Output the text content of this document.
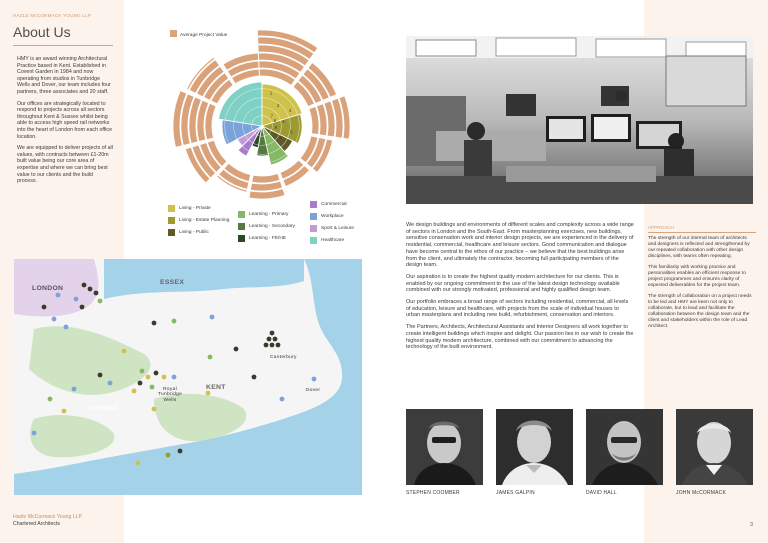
HAZLE McCORMACK YOUNG LLP
About Us

HMY is an award winning Architectural Practice based in Kent. Established in Covent Garden in 1984 and now operating from studios in Tunbridge Wells and Dover, our team includes four partners, three associates and 20 staff.

Our offices are strategically located to respond to projects across all sectors throughout Kent & Sussex whilst being able to access high speed rail networks into the heart of London from each office location.

We are equipped to deliver projects of all values, with contracts between £1-20m built value being our core area of expertise and where we can bring best value to our clients and the build process.

Average Project Value
1
2
3
4
5
6
7
8
9
Living - Private
Living - Estate Planning
Living - Public
Learning - Primary
Learning - Secondary
Learning - FE/HE
Commercial
Workplace
Sport & Leisure
Healthcare
LONDON
ESSEX
KENT
SUSSEX
Canterbury
Royal
Tunbridge
Wells
Dover

We design buildings and environments of different scales and complexity across a wide range of sectors in London and the South-East. From masterplanning exercises, new buildings, sensitive conservation work and interior design projects, we are experienced in the delivery of residential, commercial, healthcare and leisure sectors. Good communication and dialogue have become central to the ethos of our practice – we believe that the best buildings arise from the client, and ultimately the contractor, becoming full participating members of the design team.

Our aspiration is to create the highest quality modern architecture for our clients. This is enabled by our ongoing commitment to the use of the latest design technology available combined with our strongly motivated, professional and highly qualified design team.

Our portfolio embraces a broad range of sectors including residential, commercial, all levels of education, leisure and healthcare, with projects from the scale of individual houses to urban masterplans and including new build, refurbishment, conservation and interiors.

The Partners, Architects, Architectural Assistants and Interior Designers all work together to create intelligent buildings which inspire and delight. Our passion lies in our wish to create the highest quality modern architecture, combined with our commitment to advancing the technology of the built environment.

APPROACH

The strength of our internal team of architects and designers is reflected and strengthened by our repeated collaboration with other design disciplines, with teams often repeating.

This familiarity with working practice and personalities enables an efficient response to project programmes and ensures clarity of expected deliverables for the project team.

The strength of collaboration on a project needs to be led and HMY are keen not only to collaborate, but to lead and facilitate the collaboration between the design team and the client and stakeholders within the role of Lead Architect.

STEPHEN COOMBER	JAMES GALPIN	DAVID HALL	JOHN McCORMACK
Hazle McCormack Young LLP
Chartered Architects	3
